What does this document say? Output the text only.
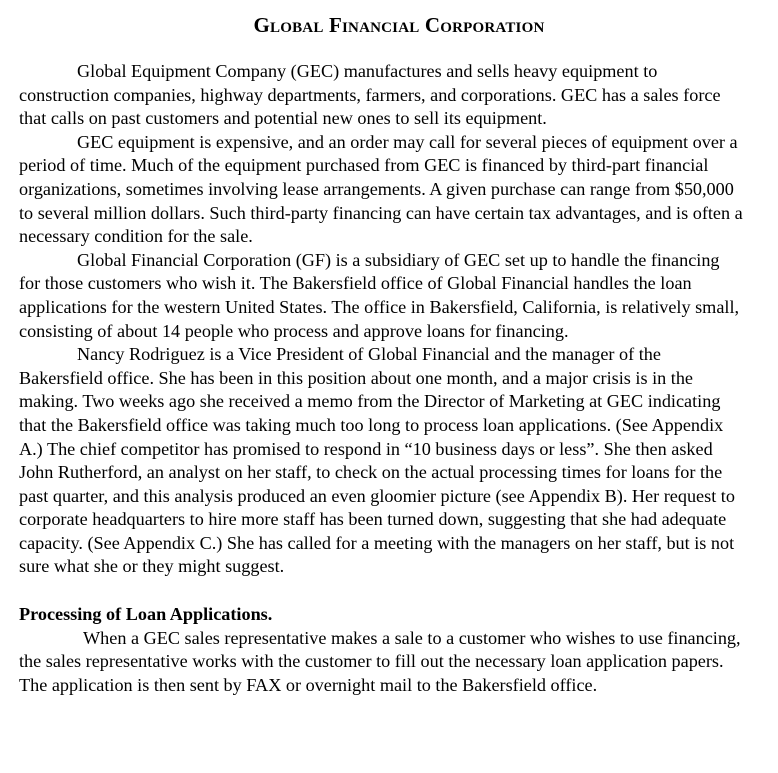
Global Financial Corporation

Global Equipment Company (GEC) manufactures and sells heavy equipment to construction companies, highway departments, farmers, and corporations. GEC has a sales force that calls on past customers and potential new ones to sell its equipment.

GEC equipment is expensive, and an order may call for several pieces of equipment over a period of time. Much of the equipment purchased from GEC is financed by third-part financial organizations, sometimes involving lease arrangements. A given purchase can range from $50,000 to several million dollars. Such third-party financing can have certain tax advantages, and is often a necessary condition for the sale.

Global Financial Corporation (GF) is a subsidiary of GEC set up to handle the financing for those customers who wish it. The Bakersfield office of Global Financial handles the loan applications for the western United States. The office in Bakersfield, California, is relatively small, consisting of about 14 people who process and approve loans for financing.

Nancy Rodriguez is a Vice President of Global Financial and the manager of the Bakersfield office. She has been in this position about one month, and a major crisis is in the making. Two weeks ago she received a memo from the Director of Marketing at GEC indicating that the Bakersfield office was taking much too long to process loan applications. (See Appendix A.) The chief competitor has promised to respond in “10 business days or less”. She then asked John Rutherford, an analyst on her staff, to check on the actual processing times for loans for the past quarter, and this analysis produced an even gloomier picture (see Appendix B). Her request to corporate headquarters to hire more staff has been turned down, suggesting that she had adequate capacity. (See Appendix C.) She has called for a meeting with the managers on her staff, but is not sure what she or they might suggest.

Processing of Loan Applications.

When a GEC sales representative makes a sale to a customer who wishes to use financing, the sales representative works with the customer to fill out the necessary loan application papers. The application is then sent by FAX or overnight mail to the Bakersfield office.
